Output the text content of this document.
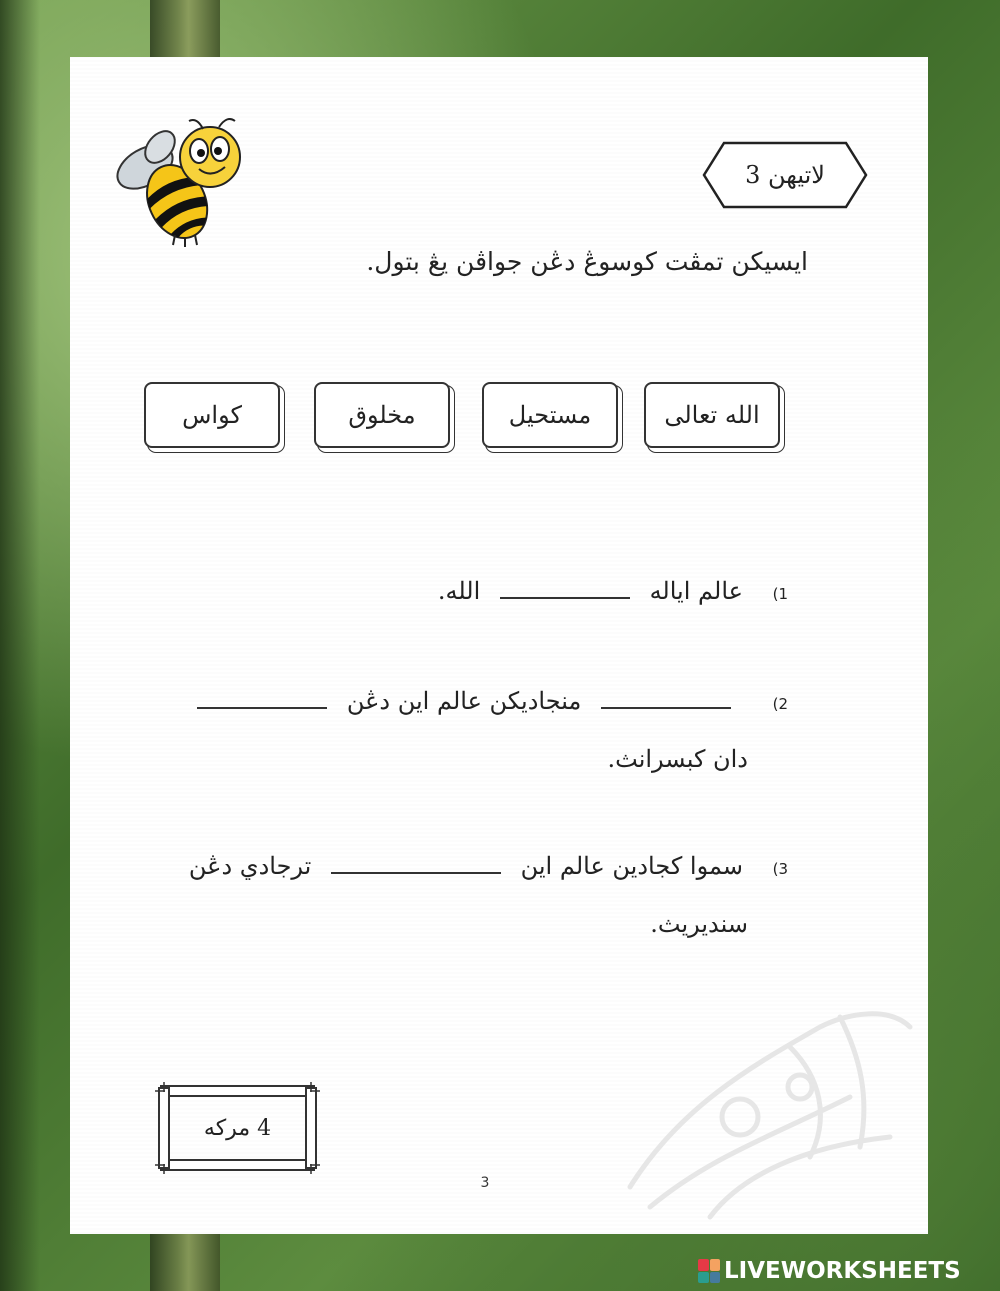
لاتيهن 3
ايسيكن تمڤت كوسوڠ دڠن جواڤن يڠ بتول.
كواس	مخلوق	مستحيل	الله تعالى
1) عالم اياله  الله.
2)  منجاديكن عالم اين دڠن
دان كبسرانث.
3) سموا كجادين عالم اين  ترجادي دڠن
سنديريث.
4 مركه
3
LIVEWORKSHEETS
